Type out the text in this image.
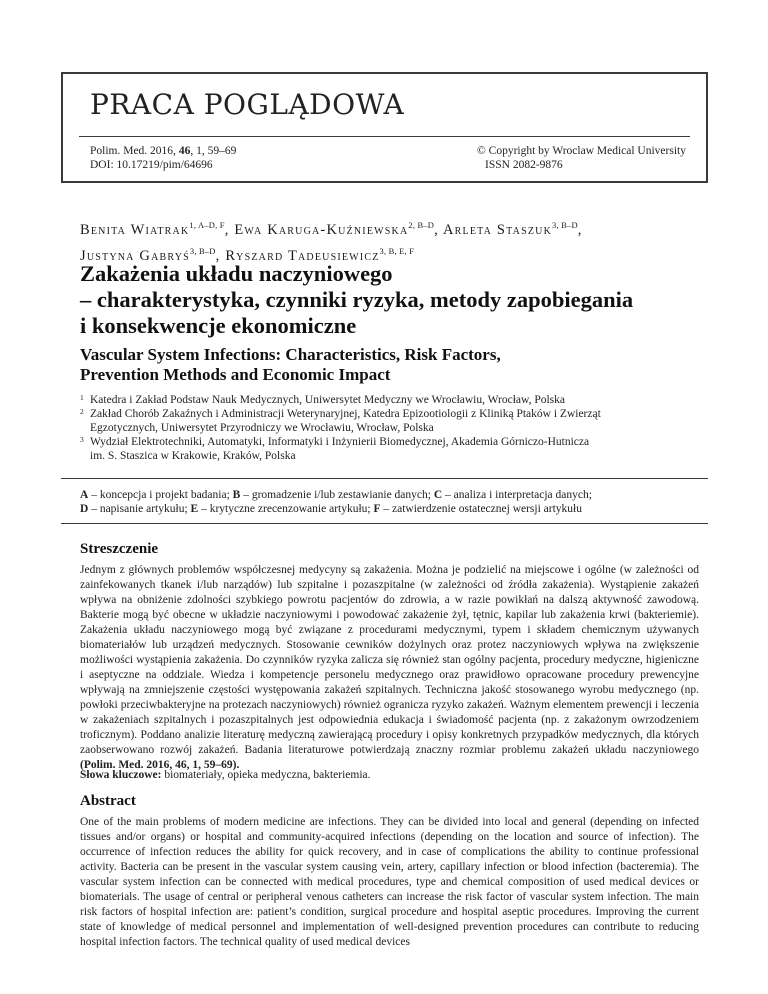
PRACA POGLĄDOWA
Polim. Med. 2016, 46, 1, 59–69
DOI: 10.17219/pim/64696
© Copyright by Wroclaw Medical University
ISSN 2082-9876
Benita Wiatrak$^{1, A-D, F}$, Ewa Karuga-Kuźniewska$^{2, B-D}$, Arleta Staszuk$^{3, B-D}$,
Justyna Gabryś$^{3, B-D}$, Ryszard Tadeusiewicz$^{3, B, E, F}$
Zakażenia układu naczyniowego
– charakterystyka, czynniki ryzyka, metody zapobiegania
i konsekwencje ekonomiczne
Vascular System Infections: Characteristics, Risk Factors,
Prevention Methods and Economic Impact
1 Katedra i Zakład Podstaw Nauk Medycznych, Uniwersytet Medyczny we Wrocławiu, Wrocław, Polska
2 Zakład Chorób Zakaźnych i Administracji Weterynaryjnej, Katedra Epizootiologii z Kliniką Ptaków i Zwierząt
Egzotycznych, Uniwersytet Przyrodniczy we Wrocławiu, Wrocław, Polska
3 Wydział Elektrotechniki, Automatyki, Informatyki i Inżynierii Biomedycznej, Akademia Górniczo-Hutnicza
im. S. Staszica w Krakowie, Kraków, Polska
A – koncepcja i projekt badania; B – gromadzenie i/lub zestawianie danych; C – analiza i interpretacja danych;
D – napisanie artykułu; E – krytyczne zrecenzowanie artykułu; F – zatwierdzenie ostatecznej wersji artykułu
Streszczenie

Jednym z głównych problemów współczesnej medycyny są zakażenia. Można je podzielić na miejscowe i ogólne (w zależności od zainfekowanych tkanek i/lub narządów) lub szpitalne i pozaszpitalne (w zależności od źródła zakażenia). Wystąpienie zakażeń wpływa na obniżenie zdolności szybkiego powrotu pacjentów do zdrowia, a w razie powikłań na dalszą aktywność zawodową. Bakterie mogą być obecne w układzie naczyniowymi i powodować zakażenie żył, tętnic, kapilar lub zakażenia krwi (bakteriemie). Zakażenia układu naczyniowego mogą być związane z procedurami medycznymi, typem i składem chemicznym używanych biomateriałów lub urządzeń medycznych. Stosowanie cewników dożylnych oraz protez naczyniowych wpływa na zwiększenie możliwości wystąpienia zakażenia. Do czynników ryzyka zalicza się również stan ogólny pacjenta, procedury medyczne, higieniczne i aseptyczne na oddziale. Wiedza i kompetencje personelu medycznego oraz prawidłowo opracowane procedury prewencyjne wpływają na zmniejszenie częstości występowania zakażeń szpitalnych. Techniczna jakość stosowanego wyrobu medycznego (np. powłoki przeciwbakteryjne na protezach naczyniowych) również ogranicza ryzyko zakażeń. Ważnym elementem prewencji i leczenia w zakażeniach szpitalnych i pozaszpitalnych jest odpowiednia edukacja i świadomość pacjenta (np. z zakażonym owrzodzeniem troficznym). Poddano analizie literaturę medyczną zawierającą procedury i opisy konkretnych przypadków medycznych, dla których zaobserwowano rozwój zakażeń. Badania literaturowe potwierdzają znaczny rozmiar problemu zakażeń układu naczyniowego (Polim. Med. 2016, 46, 1, 59–69).

Słowa kluczowe: biomateriały, opieka medyczna, bakteriemia.

Abstract

One of the main problems of modern medicine are infections. They can be divided into local and general (depending on infected tissues and/or organs) or hospital and community-acquired infections (depending on the location and source of infection). The occurrence of infection reduces the ability for quick recovery, and in case of complications the ability to continue professional activity. Bacteria can be present in the vascular system causing vein, artery, capillary infection or blood infection (bacteremia). The vascular system infection can be connected with medical procedures, type and chemical composition of used medical devices or biomaterials. The usage of central or peripheral venous catheters can increase the risk factor of vascular system infection. The main risk factors of hospital infection are: patient’s condition, surgical procedure and hospital aseptic procedures. Improving the current state of knowledge of medical personnel and implementation of well-designed prevention procedures can contribute to reducing hospital infection factors. The technical quality of used medical devices
